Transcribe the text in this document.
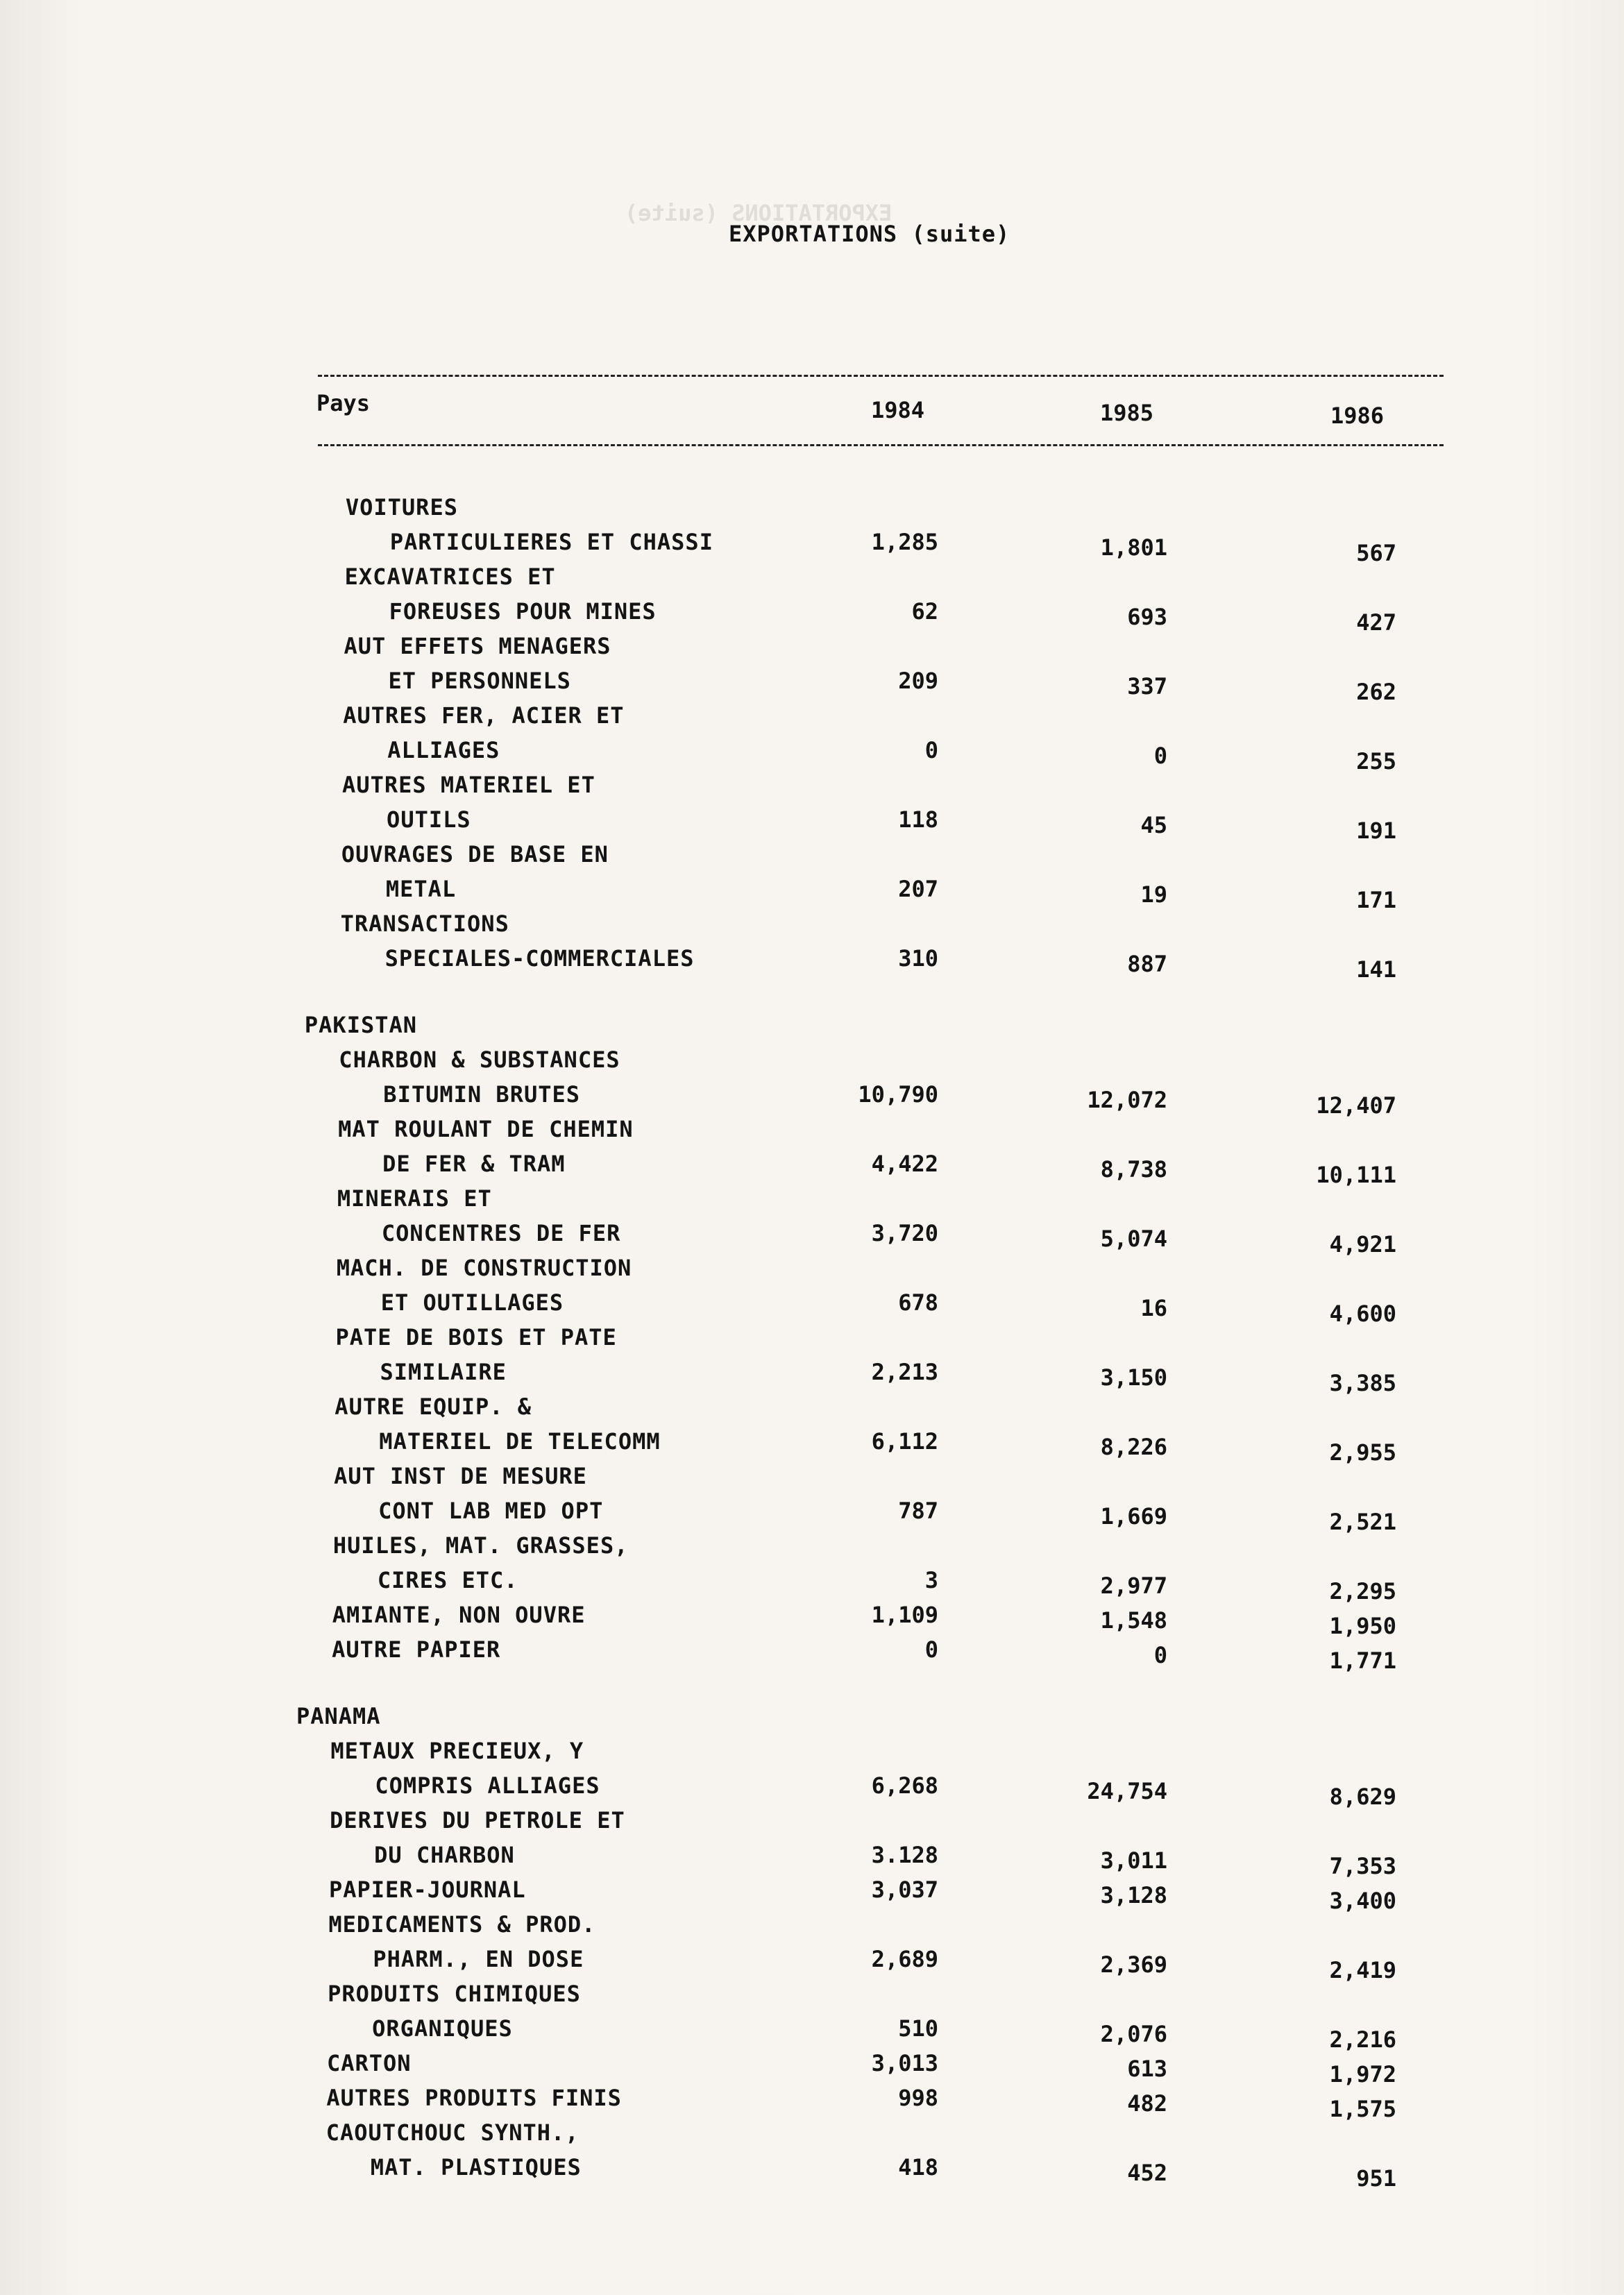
EXPORTATIONS (suite)
EXPORTATIONS (suite)
Pays	1984	1985	1986
VOITURES
PARTICULIERES ET CHASSI	1,285	1,801	567
EXCAVATRICES ET
FOREUSES POUR MINES	62	693	427
AUT EFFETS MENAGERS
ET PERSONNELS	209	337	262
AUTRES FER, ACIER ET
ALLIAGES	0	0	255
AUTRES MATERIEL ET
OUTILS	118	45	191
OUVRAGES DE BASE EN
METAL	207	19	171
TRANSACTIONS
SPECIALES-COMMERCIALES	310	887	141
PAKISTAN
CHARBON & SUBSTANCES
BITUMIN BRUTES	10,790	12,072	12,407
MAT ROULANT DE CHEMIN
DE FER & TRAM	4,422	8,738	10,111
MINERAIS ET
CONCENTRES DE FER	3,720	5,074	4,921
MACH. DE CONSTRUCTION
ET OUTILLAGES	678	16	4,600
PATE DE BOIS ET PATE
SIMILAIRE	2,213	3,150	3,385
AUTRE EQUIP. &
MATERIEL DE TELECOMM	6,112	8,226	2,955
AUT INST DE MESURE
CONT LAB MED OPT	787	1,669	2,521
HUILES, MAT. GRASSES,
CIRES ETC.	3	2,977	2,295
AMIANTE, NON OUVRE	1,109	1,548	1,950
AUTRE PAPIER	0	0	1,771
PANAMA
METAUX PRECIEUX, Y
COMPRIS ALLIAGES	6,268	24,754	8,629
DERIVES DU PETROLE ET
DU CHARBON	3.128	3,011	7,353
PAPIER-JOURNAL	3,037	3,128	3,400
MEDICAMENTS & PROD.
PHARM., EN DOSE	2,689	2,369	2,419
PRODUITS CHIMIQUES
ORGANIQUES	510	2,076	2,216
CARTON	3,013	613	1,972
AUTRES PRODUITS FINIS	998	482	1,575
CAOUTCHOUC SYNTH.,
MAT. PLASTIQUES	418	452	951
